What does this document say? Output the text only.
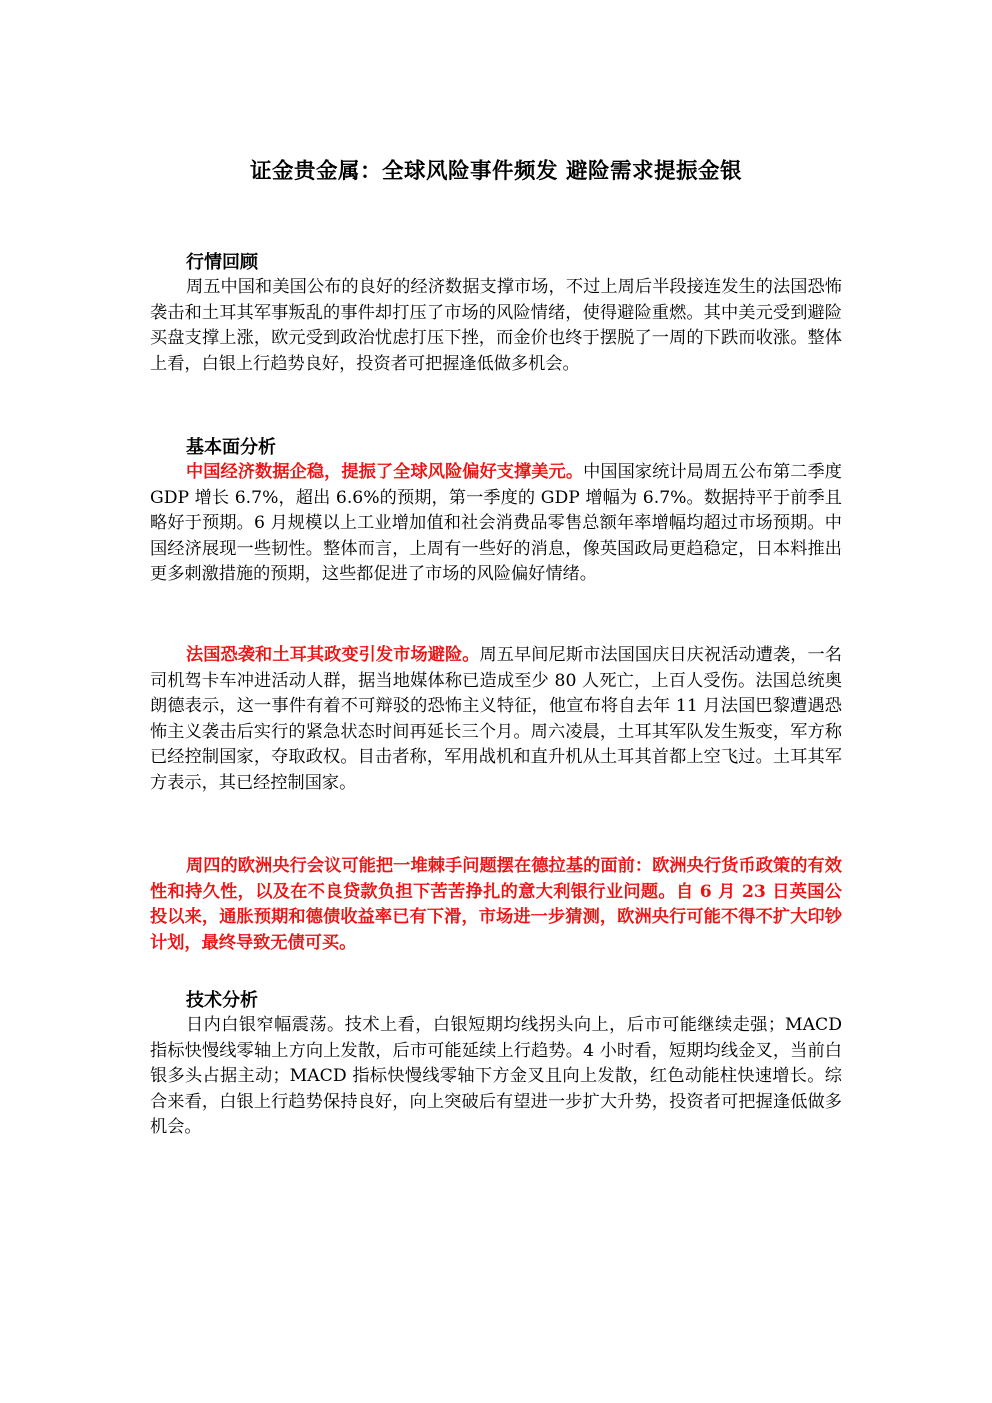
证金贵金属：全球风险事件频发 避险需求提振金银
行情回顾
周五中国和美国公布的良好的经济数据支撑市场，不过上周后半段接连发生的法国恐怖袭击和土耳其军事叛乱的事件却打压了市场的风险情绪，使得避险重燃。其中美元受到避险买盘支撑上涨，欧元受到政治忧虑打压下挫，而金价也终于摆脱了一周的下跌而收涨。整体上看，白银上行趋势良好，投资者可把握逢低做多机会。
基本面分析
中国经济数据企稳，提振了全球风险偏好支撑美元。中国国家统计局周五公布第二季度 GDP 增长 6.7%，超出 6.6%的预期，第一季度的 GDP 增幅为 6.7%。数据持平于前季且略好于预期。6 月规模以上工业增加值和社会消费品零售总额年率增幅均超过市场预期。中国经济展现一些韧性。整体而言，上周有一些好的消息，像英国政局更趋稳定，日本料推出更多刺激措施的预期，这些都促进了市场的风险偏好情绪。
法国恐袭和土耳其政变引发市场避险。周五早间尼斯市法国国庆日庆祝活动遭袭，一名司机驾卡车冲进活动人群，据当地媒体称已造成至少 80 人死亡，上百人受伤。法国总统奥朗德表示，这一事件有着不可辩驳的恐怖主义特征，他宣布将自去年 11 月法国巴黎遭遇恐怖主义袭击后实行的紧急状态时间再延长三个月。周六凌晨，土耳其军队发生叛变，军方称已经控制国家，夺取政权。目击者称，军用战机和直升机从土耳其首都上空飞过。土耳其军方表示，其已经控制国家。
周四的欧洲央行会议可能把一堆棘手问题摆在德拉基的面前：欧洲央行货币政策的有效性和持久性，以及在不良贷款负担下苦苦挣扎的意大利银行业问题。自 6 月 23 日英国公投以来，通胀预期和德债收益率已有下滑，市场进一步猜测，欧洲央行可能不得不扩大印钞计划，最终导致无债可买。
技术分析
日内白银窄幅震荡。技术上看，白银短期均线拐头向上，后市可能继续走强；MACD 指标快慢线零轴上方向上发散，后市可能延续上行趋势。4 小时看，短期均线金叉，当前白银多头占据主动；MACD 指标快慢线零轴下方金叉且向上发散，红色动能柱快速增长。综合来看，白银上行趋势保持良好，向上突破后有望进一步扩大升势，投资者可把握逢低做多机会。
